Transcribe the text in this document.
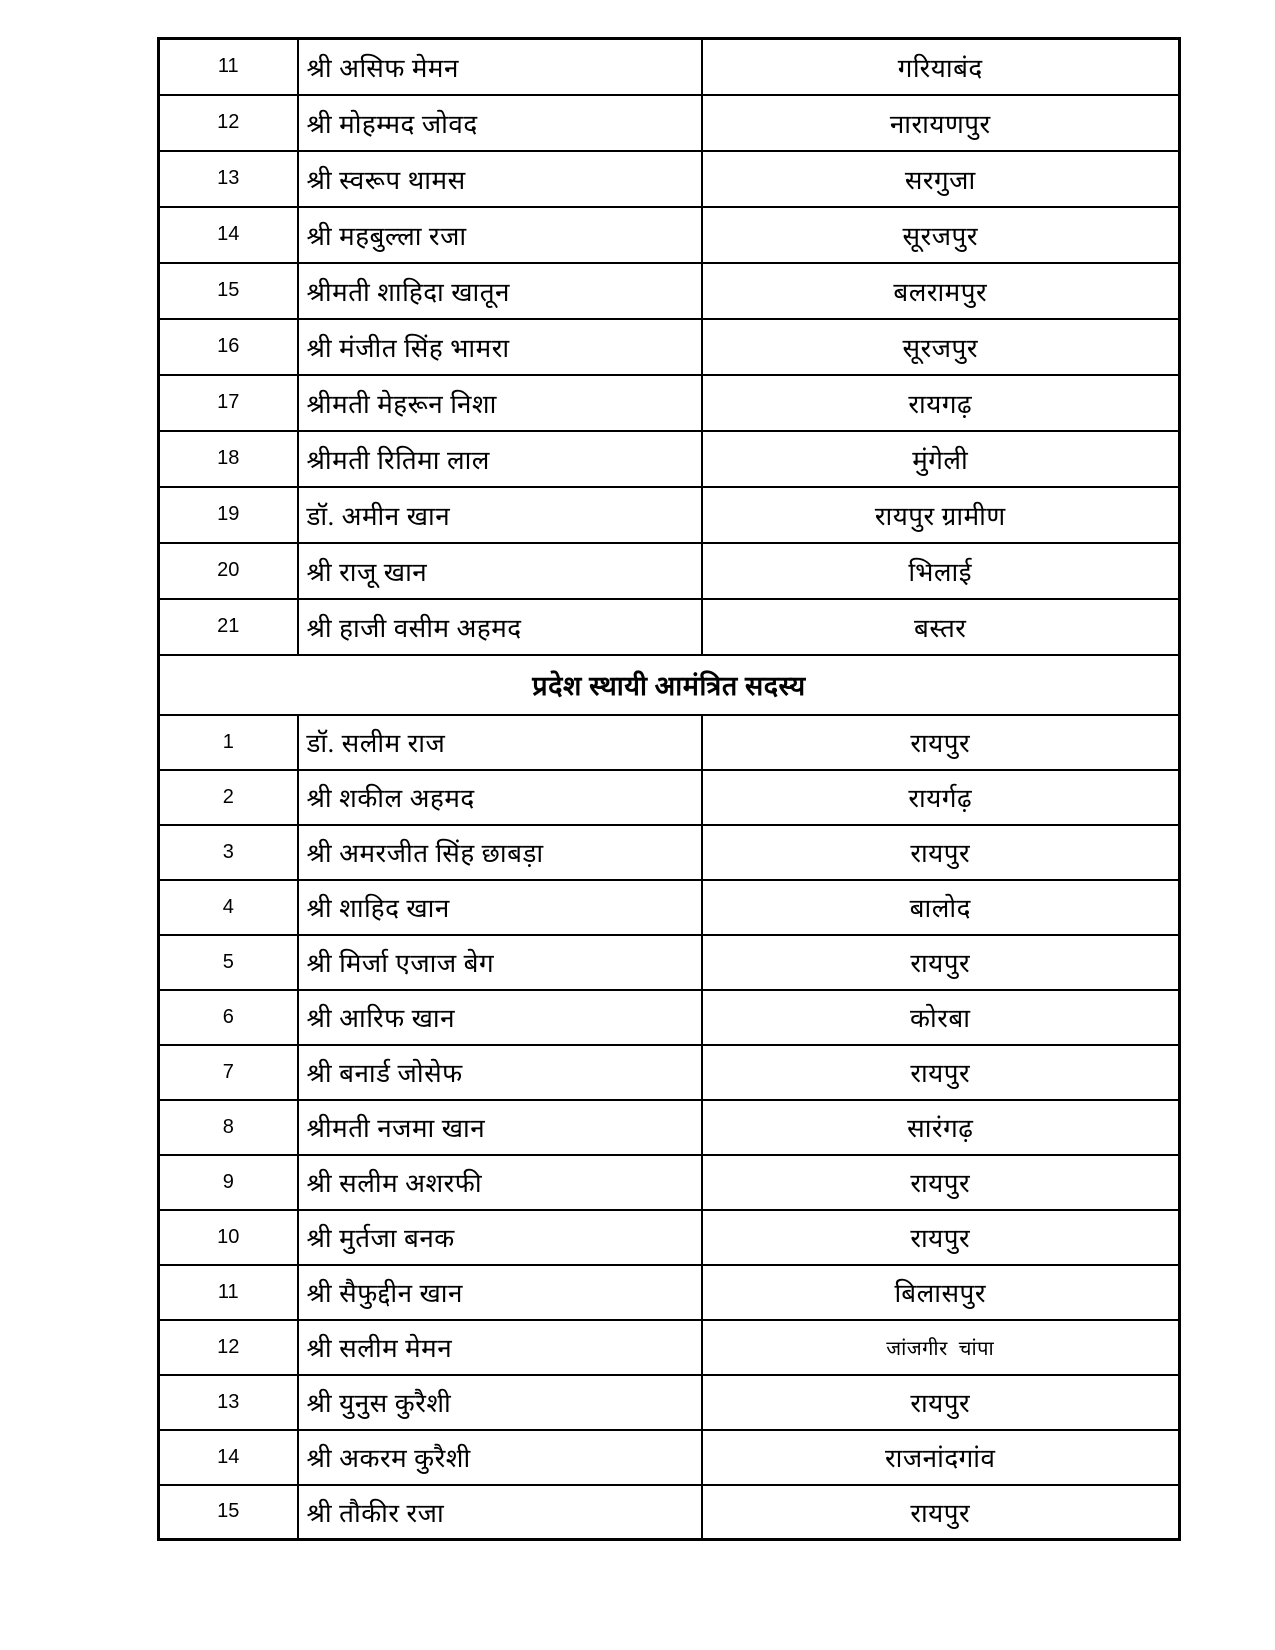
11	श्री असिफ मेमन	गरियाबंद
12	श्री मोहम्मद जोवद	नारायणपुर
13	श्री स्वरूप थामस	सरगुजा
14	श्री महबुल्ला रजा	सूरजपुर
15	श्रीमती शाहिदा खातून	बलरामपुर
16	श्री मंजीत सिंह भामरा	सूरजपुर
17	श्रीमती मेहरून निशा	रायगढ़
18	श्रीमती रितिमा लाल	मुंगेली
19	डॉ. अमीन खान	रायपुर ग्रामीण
20	श्री राजू खान	भिलाई
21	श्री हाजी वसीम अहमद	बस्तर
प्रदेश स्थायी आमंत्रित सदस्य		
1	डॉ. सलीम राज	रायपुर
2	श्री शकील अहमद	रायर्गढ़
3	श्री अमरजीत सिंह छाबड़ा	रायपुर
4	श्री शाहिद खान	बालोद
5	श्री मिर्जा एजाज बेग	रायपुर
6	श्री आरिफ खान	कोरबा
7	श्री बनार्ड जोसेफ	रायपुर
8	श्रीमती नजमा खान	सारंगढ़
9	श्री सलीम अशरफी	रायपुर
10	श्री मुर्तजा बनक	रायपुर
11	श्री सैफुद्दीन खान	बिलासपुर
12	श्री सलीम मेमन	जांजगीर  चांपा
13	श्री युनुस कुरैशी	रायपुर
14	श्री अकरम कुरैशी	राजनांदगांव
15	श्री तौकीर रजा	रायपुर
